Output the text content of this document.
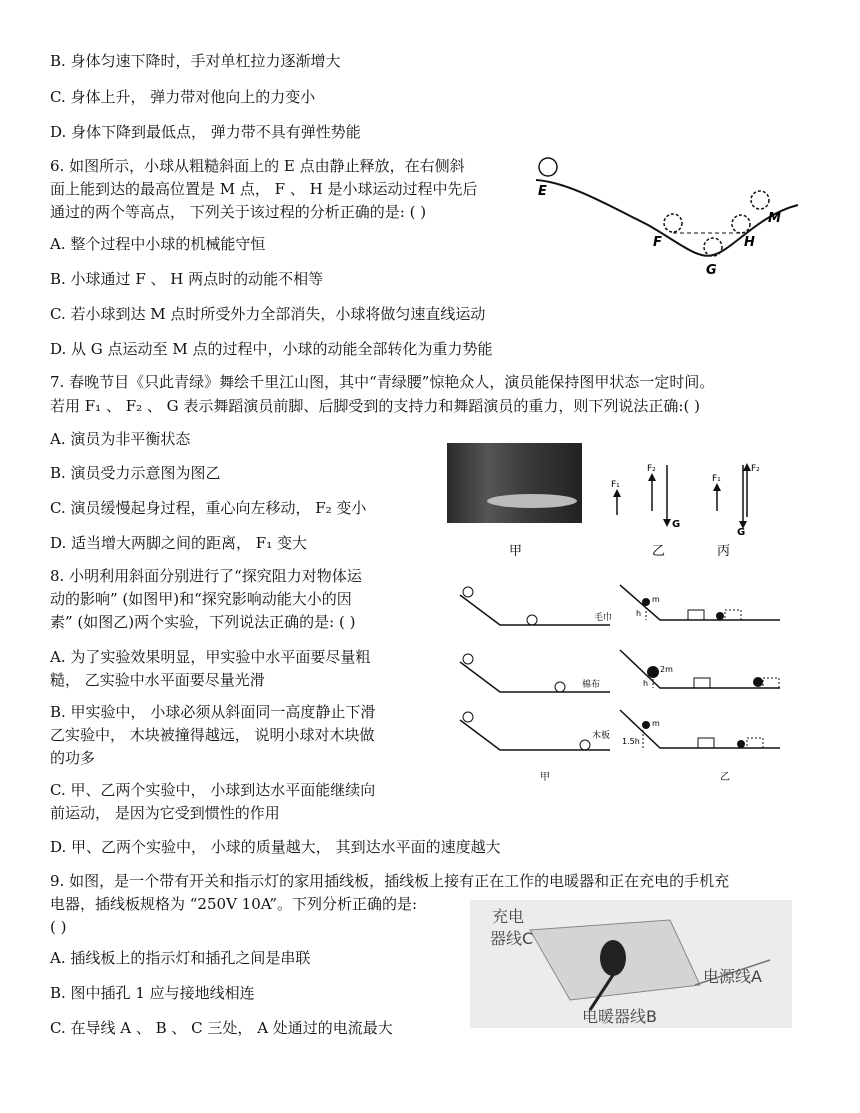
B. 身体匀速下降时，手对单杠拉力逐渐增大
C. 身体上升， 弹力带对他向上的力变小
D. 身体下降到最低点， 弹力带不具有弹性势能
6. 如图所示，小球从粗糙斜面上的 E 点由静止释放，在右侧斜
面上能到达的最高位置是 M 点， F 、 H 是小球运动过程中先后
通过的两个等高点， 下列关于该过程的分析正确的是: ( )
A. 整个过程中小球的机械能守恒
B. 小球通过 F 、 H 两点时的动能不相等
C. 若小球到达 M 点时所受外力全部消失，小球将做匀速直线运动
D. 从 G 点运动至 M 点的过程中，小球的动能全部转化为重力势能
7. 春晚节目《只此青绿》舞绘千里江山图，其中“青绿腰”惊艳众人，演员能保持图甲状态一定时间。
若用 F₁ 、 F₂ 、 G 表示舞蹈演员前脚、后脚受到的支持力和舞蹈演员的重力，则下列说法正确:( )
A. 演员为非平衡状态
B. 演员受力示意图为图乙
C. 演员缓慢起身过程，重心向左移动， F₂ 变小
D. 适当增大两脚之间的距离， F₁ 变大
8. 小明利用斜面分别进行了“探究阻力对物体运
动的影响” (如图甲)和“探究影响动能大小的因
素” (如图乙)两个实验，下列说法正确的是: ( )
A. 为了实验效果明显，甲实验中水平面要尽量粗
糙， 乙实验中水平面要尽量光滑
B. 甲实验中， 小球必须从斜面同一高度静止下滑
乙实验中， 木块被撞得越远， 说明小球对木块做
的功多
C. 甲、乙两个实验中， 小球到达水平面能继续向
前运动， 是因为它受到惯性的作用
D. 甲、乙两个实验中， 小球的质量越大， 其到达水平面的速度越大
9. 如图，是一个带有开关和指示灯的家用插线板，插线板上接有正在工作的电暖器和正在充电的手机充
电器，插线板规格为 “250V 10A”。下列分析正确的是:
( )
A. 插线板上的指示灯和插孔之间是串联
B. 图中插孔 1 应与接地线相连
C. 在导线 A 、 B 、 C 三处， A 处通过的电流最大
E
F
G
H
M
甲
F₁
F₂
G
乙
F₁
F₂
G
丙
毛巾
棉布
木板
甲
m
h
2m
h
m
1.5h
乙
充电
器线C
电源线A
电暖器线B
